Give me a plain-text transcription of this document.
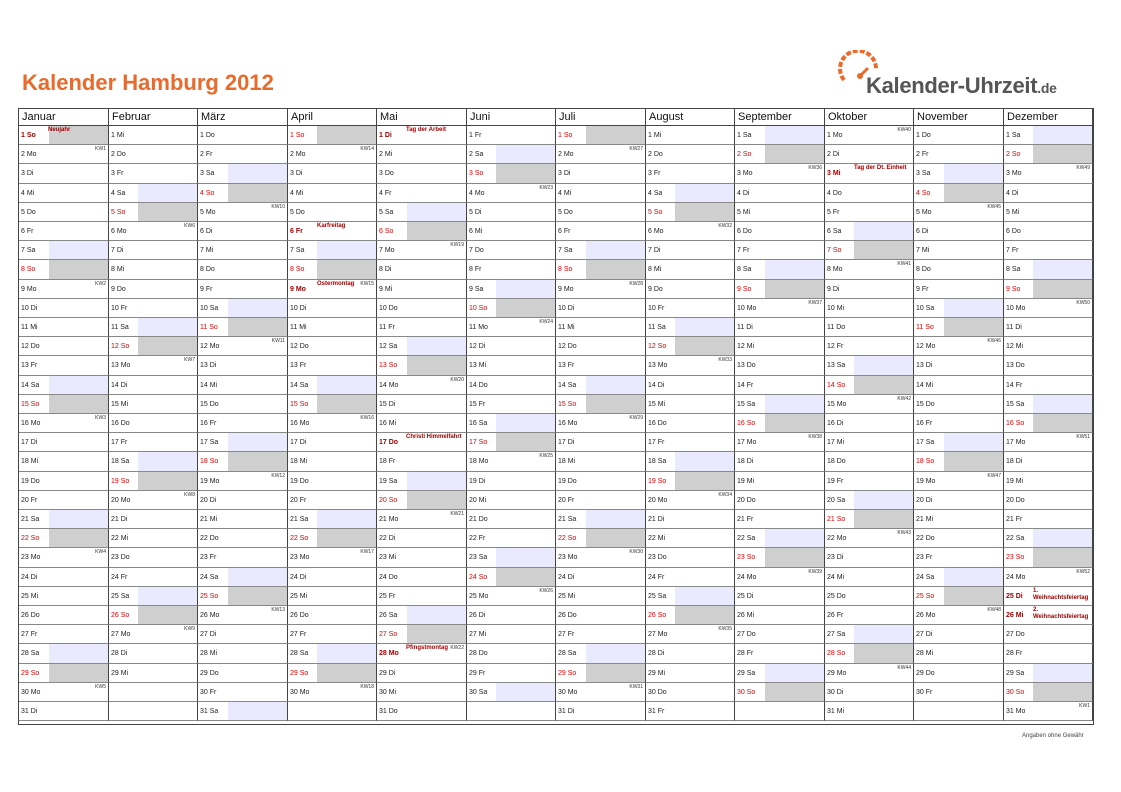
Kalender Hamburg 2012	Kalender-Uhrzeit.de
Januar
1 So
Neujahr
2 Mo
KW1
3 Di
4 Mi
5 Do
6 Fr
7 Sa
8 So
9 Mo
KW2
10 Di
11 Mi
12 Do
13 Fr
14 Sa
15 So
16 Mo
KW3
17 Di
18 Mi
19 Do
20 Fr
21 Sa
22 So
23 Mo
KW4
24 Di
25 Mi
26 Do
27 Fr
28 Sa
29 So
30 Mo
KW5
31 Di
Februar
1 Mi
2 Do
3 Fr
4 Sa
5 So
6 Mo
KW6
7 Di
8 Mi
9 Do
10 Fr
11 Sa
12 So
13 Mo
KW7
14 Di
15 Mi
16 Do
17 Fr
18 Sa
19 So
20 Mo
KW8
21 Di
22 Mi
23 Do
24 Fr
25 Sa
26 So
27 Mo
KW9
28 Di
29 Mi
März
1 Do
2 Fr
3 Sa
4 So
5 Mo
KW10
6 Di
7 Mi
8 Do
9 Fr
10 Sa
11 So
12 Mo
KW11
13 Di
14 Mi
15 Do
16 Fr
17 Sa
18 So
19 Mo
KW12
20 Di
21 Mi
22 Do
23 Fr
24 Sa
25 So
26 Mo
KW13
27 Di
28 Mi
29 Do
30 Fr
31 Sa
April
1 So
2 Mo
KW14
3 Di
4 Mi
5 Do
6 Fr
Karfreitag
7 Sa
8 So
9 Mo
Ostermontag	KW15
10 Di
11 Mi
12 Do
13 Fr
14 Sa
15 So
16 Mo
KW16
17 Di
18 Mi
19 Do
20 Fr
21 Sa
22 So
23 Mo
KW17
24 Di
25 Mi
26 Do
27 Fr
28 Sa
29 So
30 Mo
KW18
Mai
1 Di
Tag der Arbeit
2 Mi
3 Do
4 Fr
5 Sa
6 So
7 Mo
KW19
8 Di
9 Mi
10 Do
11 Fr
12 Sa
13 So
14 Mo
KW20
15 Di
16 Mi
17 Do
Christi Himmelfahrt
18 Fr
19 Sa
20 So
21 Mo
KW21
22 Di
23 Mi
24 Do
25 Fr
26 Sa
27 So
28 Mo
Pfingstmontag KW22
29 Di
30 Mi
31 Do
Juni
1 Fr
2 Sa
3 So
4 Mo
KW23
5 Di
6 Mi
7 Do
8 Fr
9 Sa
10 So
11 Mo
KW24
12 Di
13 Mi
14 Do
15 Fr
16 Sa
17 So
18 Mo
KW25
19 Di
20 Mi
21 Do
22 Fr
23 Sa
24 So
25 Mo
KW26
26 Di
27 Mi
28 Do
29 Fr
30 Sa
Juli
1 So
2 Mo
KW27
3 Di
4 Mi
5 Do
6 Fr
7 Sa
8 So
9 Mo
KW28
10 Di
11 Mi
12 Do
13 Fr
14 Sa
15 So
16 Mo
KW29
17 Di
18 Mi
19 Do
20 Fr
21 Sa
22 So
23 Mo
KW30
24 Di
25 Mi
26 Do
27 Fr
28 Sa
29 So
30 Mo
KW31
31 Di
August
1 Mi
2 Do
3 Fr
4 Sa
5 So
6 Mo
KW32
7 Di
8 Mi
9 Do
10 Fr
11 Sa
12 So
13 Mo
KW33
14 Di
15 Mi
16 Do
17 Fr
18 Sa
19 So
20 Mo
KW34
21 Di
22 Mi
23 Do
24 Fr
25 Sa
26 So
27 Mo
KW35
28 Di
29 Mi
30 Do
31 Fr
September
1 Sa
2 So
3 Mo
KW36
4 Di
5 Mi
6 Do
7 Fr
8 Sa
9 So
10 Mo
KW37
11 Di
12 Mi
13 Do
14 Fr
15 Sa
16 So
17 Mo
KW38
18 Di
19 Mi
20 Do
21 Fr
22 Sa
23 So
24 Mo
KW39
25 Di
26 Mi
27 Do
28 Fr
29 Sa
30 So
Oktober
1 Mo
KW40
2 Di
3 Mi
Tag der Dt. Einheit
4 Do
5 Fr
6 Sa
7 So
8 Mo
KW41
9 Di
10 Mi
11 Do
12 Fr
13 Sa
14 So
15 Mo
KW42
16 Di
17 Mi
18 Do
19 Fr
20 Sa
21 So
22 Mo
KW43
23 Di
24 Mi
25 Do
26 Fr
27 Sa
28 So
29 Mo
KW44
30 Di
31 Mi
November
1 Do
2 Fr
3 Sa
4 So
5 Mo
KW45
6 Di
7 Mi
8 Do
9 Fr
10 Sa
11 So
12 Mo
KW46
13 Di
14 Mi
15 Do
16 Fr
17 Sa
18 So
19 Mo
KW47
20 Di
21 Mi
22 Do
23 Fr
24 Sa
25 So
26 Mo
KW48
27 Di
28 Mi
29 Do
30 Fr
Dezember
1 Sa
2 So
3 Mo
KW49
4 Di
5 Mi
6 Do
7 Fr
8 Sa
9 So
10 Mo
KW50
11 Di
12 Mi
13 Do
14 Fr
15 Sa
16 So
17 Mo
KW51
18 Di
19 Mi
20 Do
21 Fr
22 Sa
23 So
24 Mo
KW52
25 Di
1. Weihnachtsfeiertag
26 Mi
2. Weihnachtsfeiertag
27 Do
28 Fr
29 Sa
30 So
31 Mo
KW1
Angaben ohne Gewähr
